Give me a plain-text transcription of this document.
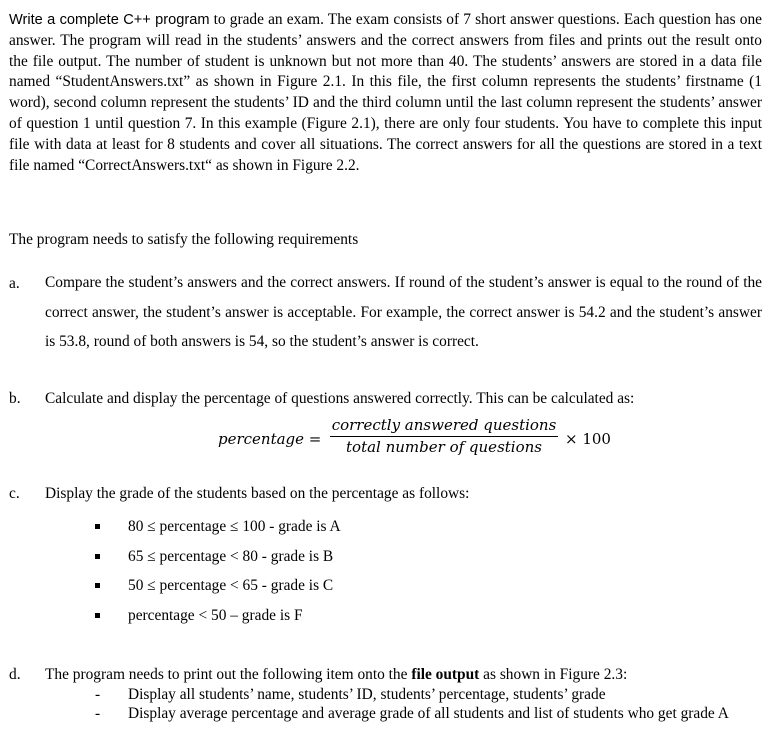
Write a complete C++ program to grade an exam. The exam consists of 7 short answer questions. Each question has one answer. The program will read in the students’ answers and the correct answers from files and prints out the result onto the file output. The number of student is unknown but not more than 40. The students’ answers are stored in a data file named “StudentAnswers.txt” as shown in Figure 2.1. In this file, the first column represents the students’ firstname (1 word), second column represent the students’ ID and the third column until the last column represent the students’ answer of question 1 until question 7. In this example (Figure 2.1), there are only four students. You have to complete this input file with data at least for 8 students and cover all situations. The correct answers for all the questions are stored in a text file named “CorrectAnswers.txt“ as shown in Figure 2.2.
The program needs to satisfy the following requirements
a. Compare the student’s answers and the correct answers. If round of the student’s answer is equal to the round of the correct answer, the student’s answer is acceptable. For example, the correct answer is 54.2 and the student’s answer is 53.8, round of both answers is 54, so the student’s answer is correct.
b. Calculate and display the percentage of questions answered correctly. This can be calculated as:
percentage =
correctly answered questions
total number of questions	× 100
c. Display the grade of the students based on the percentage as follows:
80 ≤ percentage ≤ 100 - grade is A
65 ≤ percentage < 80 - grade is B
50 ≤ percentage < 65 - grade is C
percentage < 50 – grade is F
d. The program needs to print out the following item onto the file output as shown in Figure 2.3:
- Display all students’ name, students’ ID, students’ percentage, students’ grade
- Display average percentage and average grade of all students and list of students who get grade A
